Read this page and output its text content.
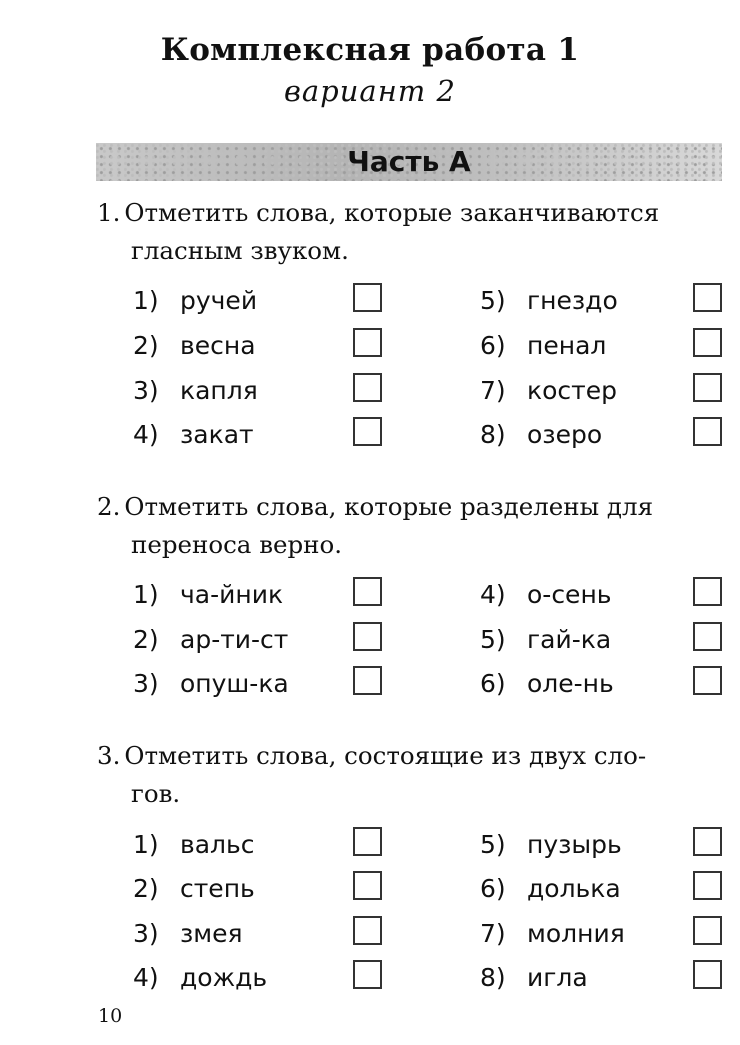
Комплексная работа 1
вариант 2
Часть А
1. Отметить слова, которые заканчиваются
гласным звуком.
1) ручей
2) весна
3) капля
4) закат
5) гнездо
6) пенал
7) костер
8) озеро
2. Отметить слова, которые разделены для
переноса верно.
1) ча-йник
2) ар-ти-ст
3) опуш-ка
4) о-сень
5) гай-ка
6) оле-нь
3. Отметить слова, состоящие из двух сло-
гов.
1) вальс
2) степь
3) змея
4) дождь
5) пузырь
6) долька
7) молния
8) игла
10
